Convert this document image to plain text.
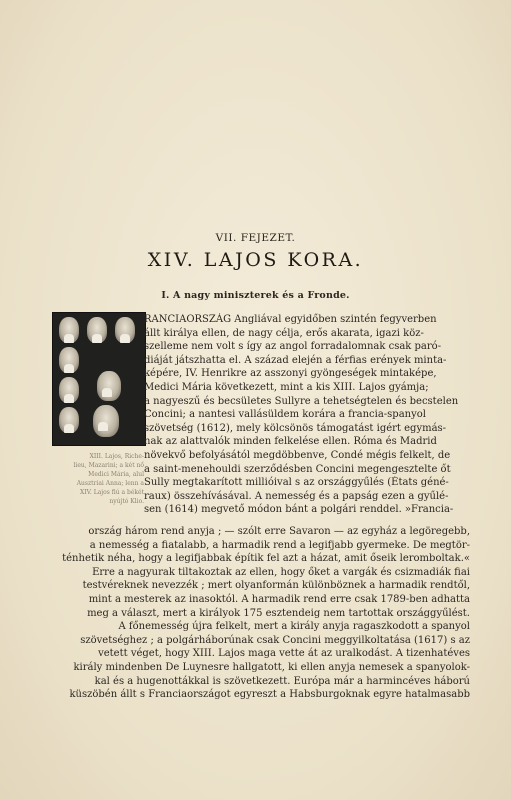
VII. FEJEZET.
XIV. LAJOS KORA.
I. A nagy miniszterek és a Fronde.
XIII. Lajos, Riche-
lieu, Mazarini; a két nő
Medici Mária, alul
Ausztriai Anna; lenn a
XIV. Lajos fiú a békét
nyújtó Klio.
RANCIAORSZÁG Angliával egyidőben szintén fegyverben
állt királya ellen, de nagy célja, erős akarata, igazi köz-
szelleme nem volt s így az angol forradalomnak csak paró-
diáját játszhatta el. A század elején a férfias erények minta-
képére, IV. Henrikre az asszonyi gyöngeségek mintaképe,
Medici Mária következett, mint a kis XIII. Lajos gyámja;
a nagyeszű és becsületes Sullyre a tehetségtelen és becstelen
Concini; a nantesi vallásüldem korára a francia-spanyol
szövetség (1612), mely kölcsönös támogatást igért egymás-
nak az alattvalók minden felkelése ellen. Róma és Madrid
növekvő befolyásától megdöbbenve, Condé mégis felkelt, de
a saint-menehouldi szerződésben Concini megengesztelte őt
Sully megtakarított millióival s az országgyűlés (États géné-
raux) összehívásával. A nemesség és a papság ezen a gyűlé-
sen (1614) megvető módon bánt a polgári renddel. »Francia-
ország három rend anyja ; — szólt erre Savaron — az egyház a legöregebb,
a nemesség a fiatalabb, a harmadik rend a legifjabb gyermeke. De megtör-
ténhetik néha, hogy a legifjabbak építik fel azt a házat, amit őseik leromboltak.«
Erre a nagyurak tiltakoztak az ellen, hogy őket a vargák és csizmadiák fiai
testvéreknek nevezzék ; mert olyanformán különböznek a harmadik rendtől,
mint a mesterek az inasoktól. A harmadik rend erre csak 1789-ben adhatta
meg a választ, mert a királyok 175 esztendeig nem tartottak országgyűlést.
A főnemesség újra felkelt, mert a király anyja ragaszkodott a spanyol
szövetséghez ; a polgárháborúnak csak Concini meggyilkoltatása (1617) s az
vetett véget, hogy XIII. Lajos maga vette át az uralkodást. A tizenhatéves
király mindenben De Luynesre hallgatott, ki ellen anyja nemesek a spanyolok-
kal és a hugenottákkal is szövetkezett. Európa már a harmincéves háború
küszöbén állt s Franciaországot egyreszt a Habsburgoknak egyre hatalmasabb
